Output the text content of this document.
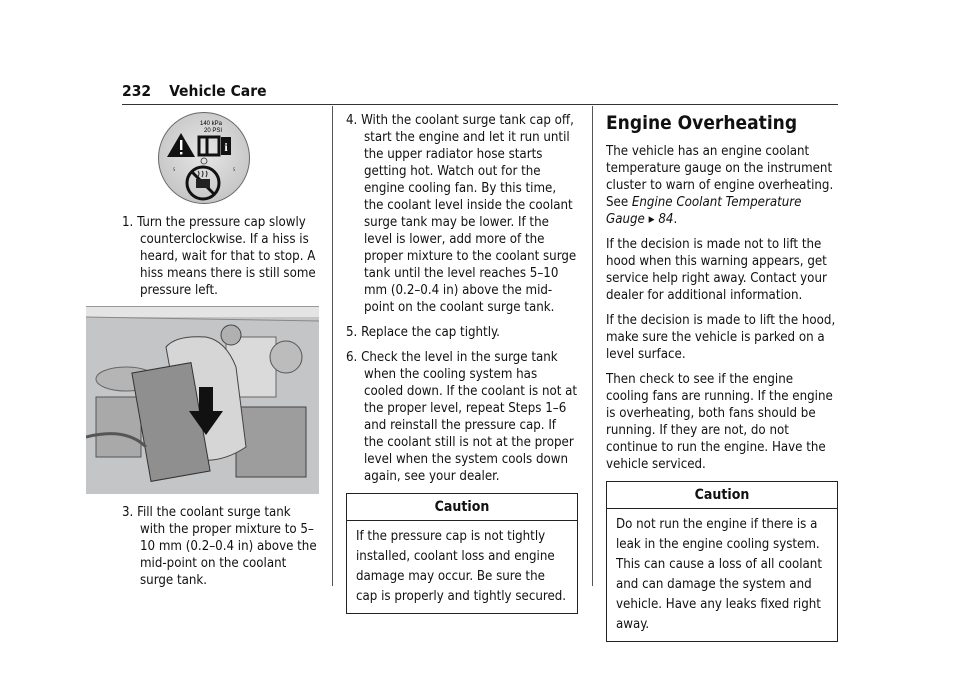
232 Vehicle Care
140 kPa
20 PSI
i
S	S
1. Turn the pressure cap slowly counterclockwise. If a hiss is heard, wait for that to stop. A hiss means there is still some pressure left.
3. Fill the coolant surge tank with the proper mixture to 5–10 mm (0.2–0.4 in) above the mid-point on the coolant surge tank.
4. With the coolant surge tank cap off, start the engine and let it run until the upper radiator hose starts getting hot. Watch out for the engine cooling fan. By this time, the coolant level inside the coolant surge tank may be lower. If the level is lower, add more of the proper mixture to the coolant surge tank until the level reaches 5–10 mm (0.2–0.4 in) above the mid-point on the coolant surge tank.
5. Replace the cap tightly.
6. Check the level in the surge tank when the cooling system has cooled down. If the coolant is not at the proper level, repeat Steps 1–6 and reinstall the pressure cap. If the coolant still is not at the proper level when the system cools down again, see your dealer.
Caution
If the pressure cap is not tightly installed, coolant loss and engine damage may occur. Be sure the cap is properly and tightly secured.
Engine Overheating

The vehicle has an engine coolant temperature gauge on the instrument cluster to warn of engine overheating. See Engine Coolant Temperature Gauge ▸ 84.

If the decision is made not to lift the hood when this warning appears, get service help right away. Contact your dealer for additional information.

If the decision is made to lift the hood, make sure the vehicle is parked on a level surface.

Then check to see if the engine cooling fans are running. If the engine is overheating, both fans should be running. If they are not, do not continue to run the engine. Have the vehicle serviced.

Caution
Do not run the engine if there is a leak in the engine cooling system. This can cause a loss of all coolant and can damage the system and vehicle. Have any leaks fixed right away.
